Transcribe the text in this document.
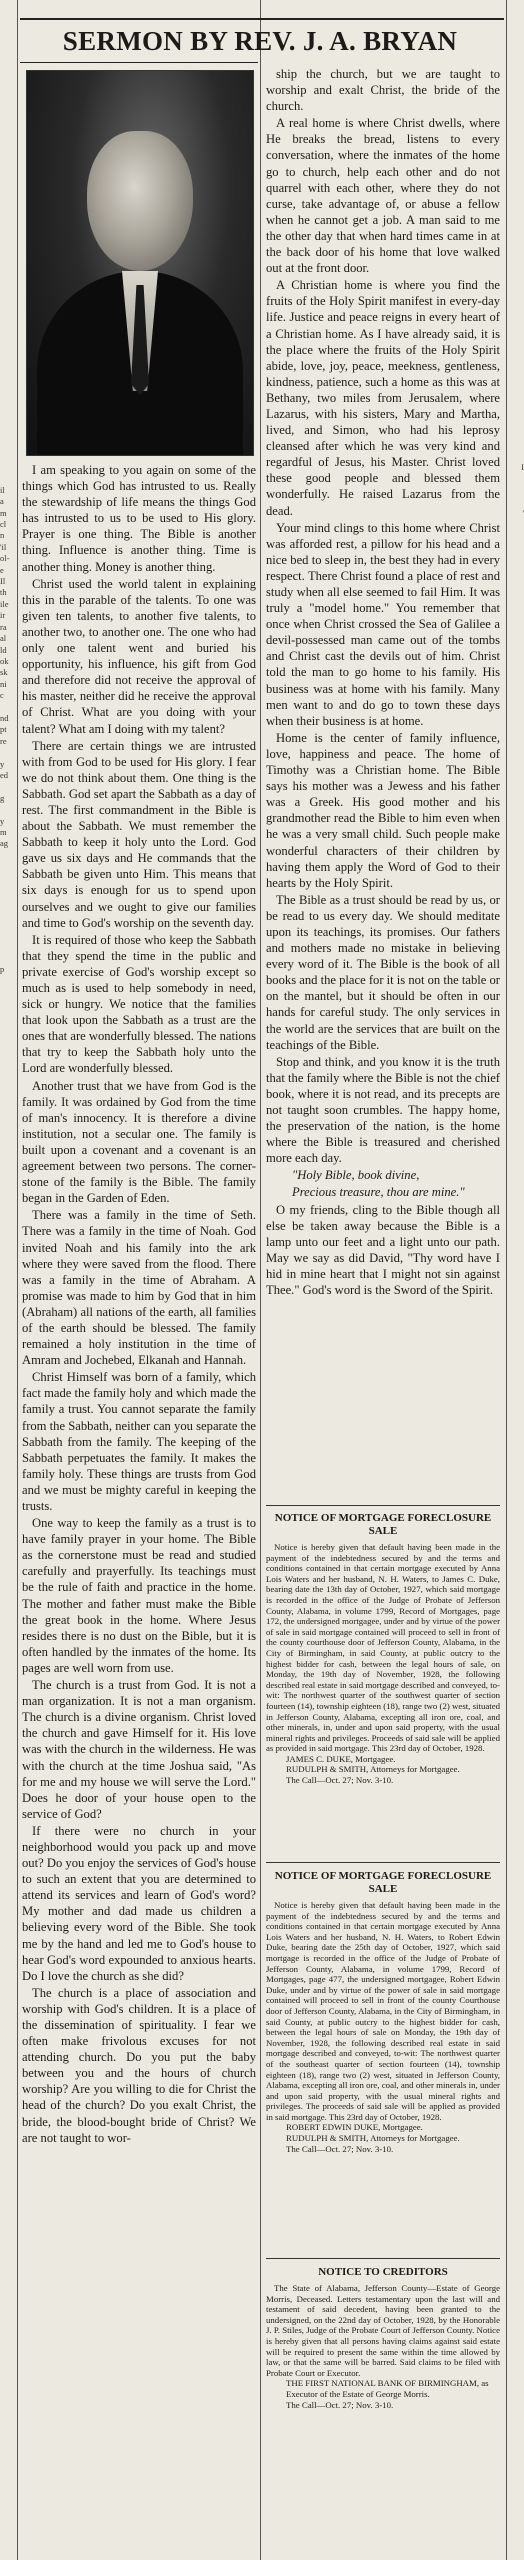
il
a
m
cl
n
'il
ol-
e
Il
th
ile
ir
ra
al
ld
ok
sk
ni
c

nd
pt
re

y
ed

g

y
m
ag

p

I

'

SERMON BY REV. J. A. BRYAN

I am speaking to you again on some of the things which God has intrusted to us. Really the stewardship of life means the things God has intrusted to us to be used to His glory. Prayer is one thing. The Bible is another thing. Influence is another thing. Time is another thing. Money is another thing.

Christ used the world talent in explaining this in the parable of the talents. To one was given ten talents, to another five talents, to another two, to another one. The one who had only one talent went and buried his opportunity, his influence, his gift from God and therefore did not receive the approval of his master, neither did he receive the approval of Christ. What are you doing with your talent? What am I doing with my talent?

There are certain things we are intrusted with from God to be used for His glory. I fear we do not think about them. One thing is the Sabbath. God set apart the Sabbath as a day of rest. The first commandment in the Bible is about the Sabbath. We must remember the Sabbath to keep it holy unto the Lord. God gave us six days and He commands that the Sabbath be given unto Him. This means that six days is enough for us to spend upon ourselves and we ought to give our families and time to God's worship on the seventh day.

It is required of those who keep the Sabbath that they spend the time in the public and private exercise of God's worship except so much as is used to help somebody in need, sick or hungry. We notice that the families that look upon the Sabbath as a trust are the ones that are wonderfully blessed. The nations that try to keep the Sabbath holy unto the Lord are wonderfully blessed.

Another trust that we have from God is the family. It was ordained by God from the time of man's innocency. It is therefore a divine institution, not a secular one. The family is built upon a covenant and a covenant is an agreement between two persons. The corner-stone of the family is the Bible. The family began in the Garden of Eden.

There was a family in the time of Seth. There was a family in the time of Noah. God invited Noah and his family into the ark where they were saved from the flood. There was a family in the time of Abraham. A promise was made to him by God that in him (Abraham) all nations of the earth, all families of the earth should be blessed. The family remained a holy institution in the time of Amram and Jochebed, Elkanah and Hannah.

Christ Himself was born of a family, which fact made the family holy and which made the family a trust. You cannot separate the family from the Sabbath, neither can you separate the Sabbath from the family. The keeping of the Sabbath perpetuates the family. It makes the family holy. These things are trusts from God and we must be mighty careful in keeping the trusts.

One way to keep the family as a trust is to have family prayer in your home. The Bible as the cornerstone must be read and studied carefully and prayerfully. Its teachings must be the rule of faith and practice in the home. The mother and father must make the Bible the great book in the home. Where Jesus resides there is no dust on the Bible, but it is often handled by the inmates of the home. Its pages are well worn from use.

The church is a trust from God. It is not a man organization. It is not a man organism. The church is a divine organism. Christ loved the church and gave Himself for it. His love was with the church in the wilderness. He was with the church at the time Joshua said, "As for me and my house we will serve the Lord." Does he door of your house open to the service of God?

If there were no church in your neighborhood would you pack up and move out? Do you enjoy the services of God's house to such an extent that you are determined to attend its services and learn of God's word? My mother and dad made us children a believing every word of the Bible. She took me by the hand and led me to God's house to hear God's word expounded to anxious hearts. Do I love the church as she did?

The church is a place of association and worship with God's children. It is a place of the dissemination of spirituality. I fear we often make frivolous excuses for not attending church. Do you put the baby between you and the hours of church worship? Are you willing to die for Christ the head of the church? Do you exalt Christ, the bride, the blood-bought bride of Christ? We are not taught to wor-

ship the church, but we are taught to worship and exalt Christ, the bride of the church.

A real home is where Christ dwells, where He breaks the bread, listens to every conversation, where the inmates of the home go to church, help each other and do not quarrel with each other, where they do not curse, take advantage of, or abuse a fellow when he cannot get a job. A man said to me the other day that when hard times came in at the back door of his home that love walked out at the front door.

A Christian home is where you find the fruits of the Holy Spirit manifest in every-day life. Justice and peace reigns in every heart of a Christian home. As I have already said, it is the place where the fruits of the Holy Spirit abide, love, joy, peace, meekness, gentleness, kindness, patience, such a home as this was at Bethany, two miles from Jerusalem, where Lazarus, with his sisters, Mary and Martha, lived, and Simon, who had his leprosy cleansed after which he was very kind and regardful of Jesus, his Master. Christ loved these good people and blessed them wonderfully. He raised Lazarus from the dead.

Your mind clings to this home where Christ was afforded rest, a pillow for his head and a nice bed to sleep in, the best they had in every respect. There Christ found a place of rest and study when all else seemed to fail Him. It was truly a "model home." You remember that once when Christ crossed the Sea of Galilee a devil-possessed man came out of the tombs and Christ cast the devils out of him. Christ told the man to go home to his family. His business was at home with his family. Many men want to and do go to town these days when their business is at home.

Home is the center of family influence, love, happiness and peace. The home of Timothy was a Christian home. The Bible says his mother was a Jewess and his father was a Greek. His good mother and his grandmother read the Bible to him even when he was a very small child. Such people make wonderful characters of their children by having them apply the Word of God to their hearts by the Holy Spirit.

The Bible as a trust should be read by us, or be read to us every day. We should meditate upon its teachings, its promises. Our fathers and mothers made no mistake in believing every word of it. The Bible is the book of all books and the place for it is not on the table or on the mantel, but it should be often in our hands for careful study. The only services in the world are the services that are built on the teachings of the Bible.

Stop and think, and you know it is the truth that the family where the Bible is not the chief book, where it is not read, and its precepts are not taught soon crumbles. The happy home, the preservation of the nation, is the home where the Bible is treasured and cherished more each day.

"Holy Bible, book divine,

Precious treasure, thou are mine."

O my friends, cling to the Bible though all else be taken away because the Bible is a lamp unto our feet and a light unto our path. May we say as did David, "Thy word have I hid in mine heart that I might not sin against Thee." God's word is the Sword of the Spirit.

NOTICE OF MORTGAGE FORECLOSURE SALE

Notice is hereby given that default having been made in the payment of the indebtedness secured by and the terms and conditions contained in that certain mortgage executed by Anna Lois Waters and her husband, N. H. Waters, to James C. Duke, bearing date the 13th day of October, 1927, which said mortgage is recorded in the office of the Judge of Probate of Jefferson County, Alabama, in volume 1799, Record of Mortgages, page 172, the undersigned mortgagee, under and by virtue of the power of sale in said mortgage contained will proceed to sell in front of the county courthouse door of Jefferson County, Alabama, in the City of Birmingham, in said County, at public outcry to the highest bidder for cash, between the legal hours of sale, on Monday, the 19th day of November, 1928, the following described real estate in said mortgage described and conveyed, to-wit: The northwest quarter of the southwest quarter of section fourteen (14), township eighteen (18), range two (2) west, situated in Jefferson County, Alabama, excepting all iron ore, coal, and other minerals, in, under and upon said property, with the usual mineral rights and privileges. Proceeds of said sale will be applied as provided in said mortgage. This 23rd day of October, 1928.

JAMES C. DUKE, Mortgagee.

RUDULPH & SMITH, Attorneys for Mortgagee.

The Call—Oct. 27; Nov. 3-10.

NOTICE OF MORTGAGE FORECLOSURE SALE

Notice is hereby given that default having been made in the payment of the indebtedness secured by and the terms and conditions contained in that certain mortgage executed by Anna Lois Waters and her husband, N. H. Waters, to Robert Edwin Duke, bearing date the 25th day of October, 1927, which said mortgage is recorded in the office of the Judge of Probate of Jefferson County, Alabama, in volume 1799, Record of Mortgages, page 477, the undersigned mortgagee, Robert Edwin Duke, under and by virtue of the power of sale in said mortgage contained will proceed to sell in front of the county Courthouse door of Jefferson County, Alabama, in the City of Birmingham, in said County, at public outcry to the highest bidder for cash, between the legal hours of sale on Monday, the 19th day of November, 1928, the following described real estate in said mortgage described and conveyed, to-wit: The northwest quarter of the southeast quarter of section fourteen (14), township eighteen (18), range two (2) west, situated in Jefferson County, Alabama, excepting all iron ore, coal, and other minerals in, under and upon said property, with the usual mineral rights and privileges. The proceeds of said sale will be applied as provided in said mortgage. This 23rd day of October, 1928.

ROBERT EDWIN DUKE, Mortgagee.

RUDULPH & SMITH, Attorneys for Mortgagee.

The Call—Oct. 27; Nov. 3-10.

NOTICE TO CREDITORS

The State of Alabama, Jefferson County—Estate of George Morris, Deceased. Letters testamentary upon the last will and testament of said decedent, having been granted to the undersigned, on the 22nd day of October, 1928, by the Honorable J. P. Stiles, Judge of the Probate Court of Jefferson County. Notice is hereby given that all persons having claims against said estate will be required to present the same within the time allowed by law, or that the same will be barred. Said claims to be filed with Probate Court or Executor.

THE FIRST NATIONAL BANK OF BIRMINGHAM, as Executor of the Estate of George Morris.

The Call—Oct. 27; Nov. 3-10.
